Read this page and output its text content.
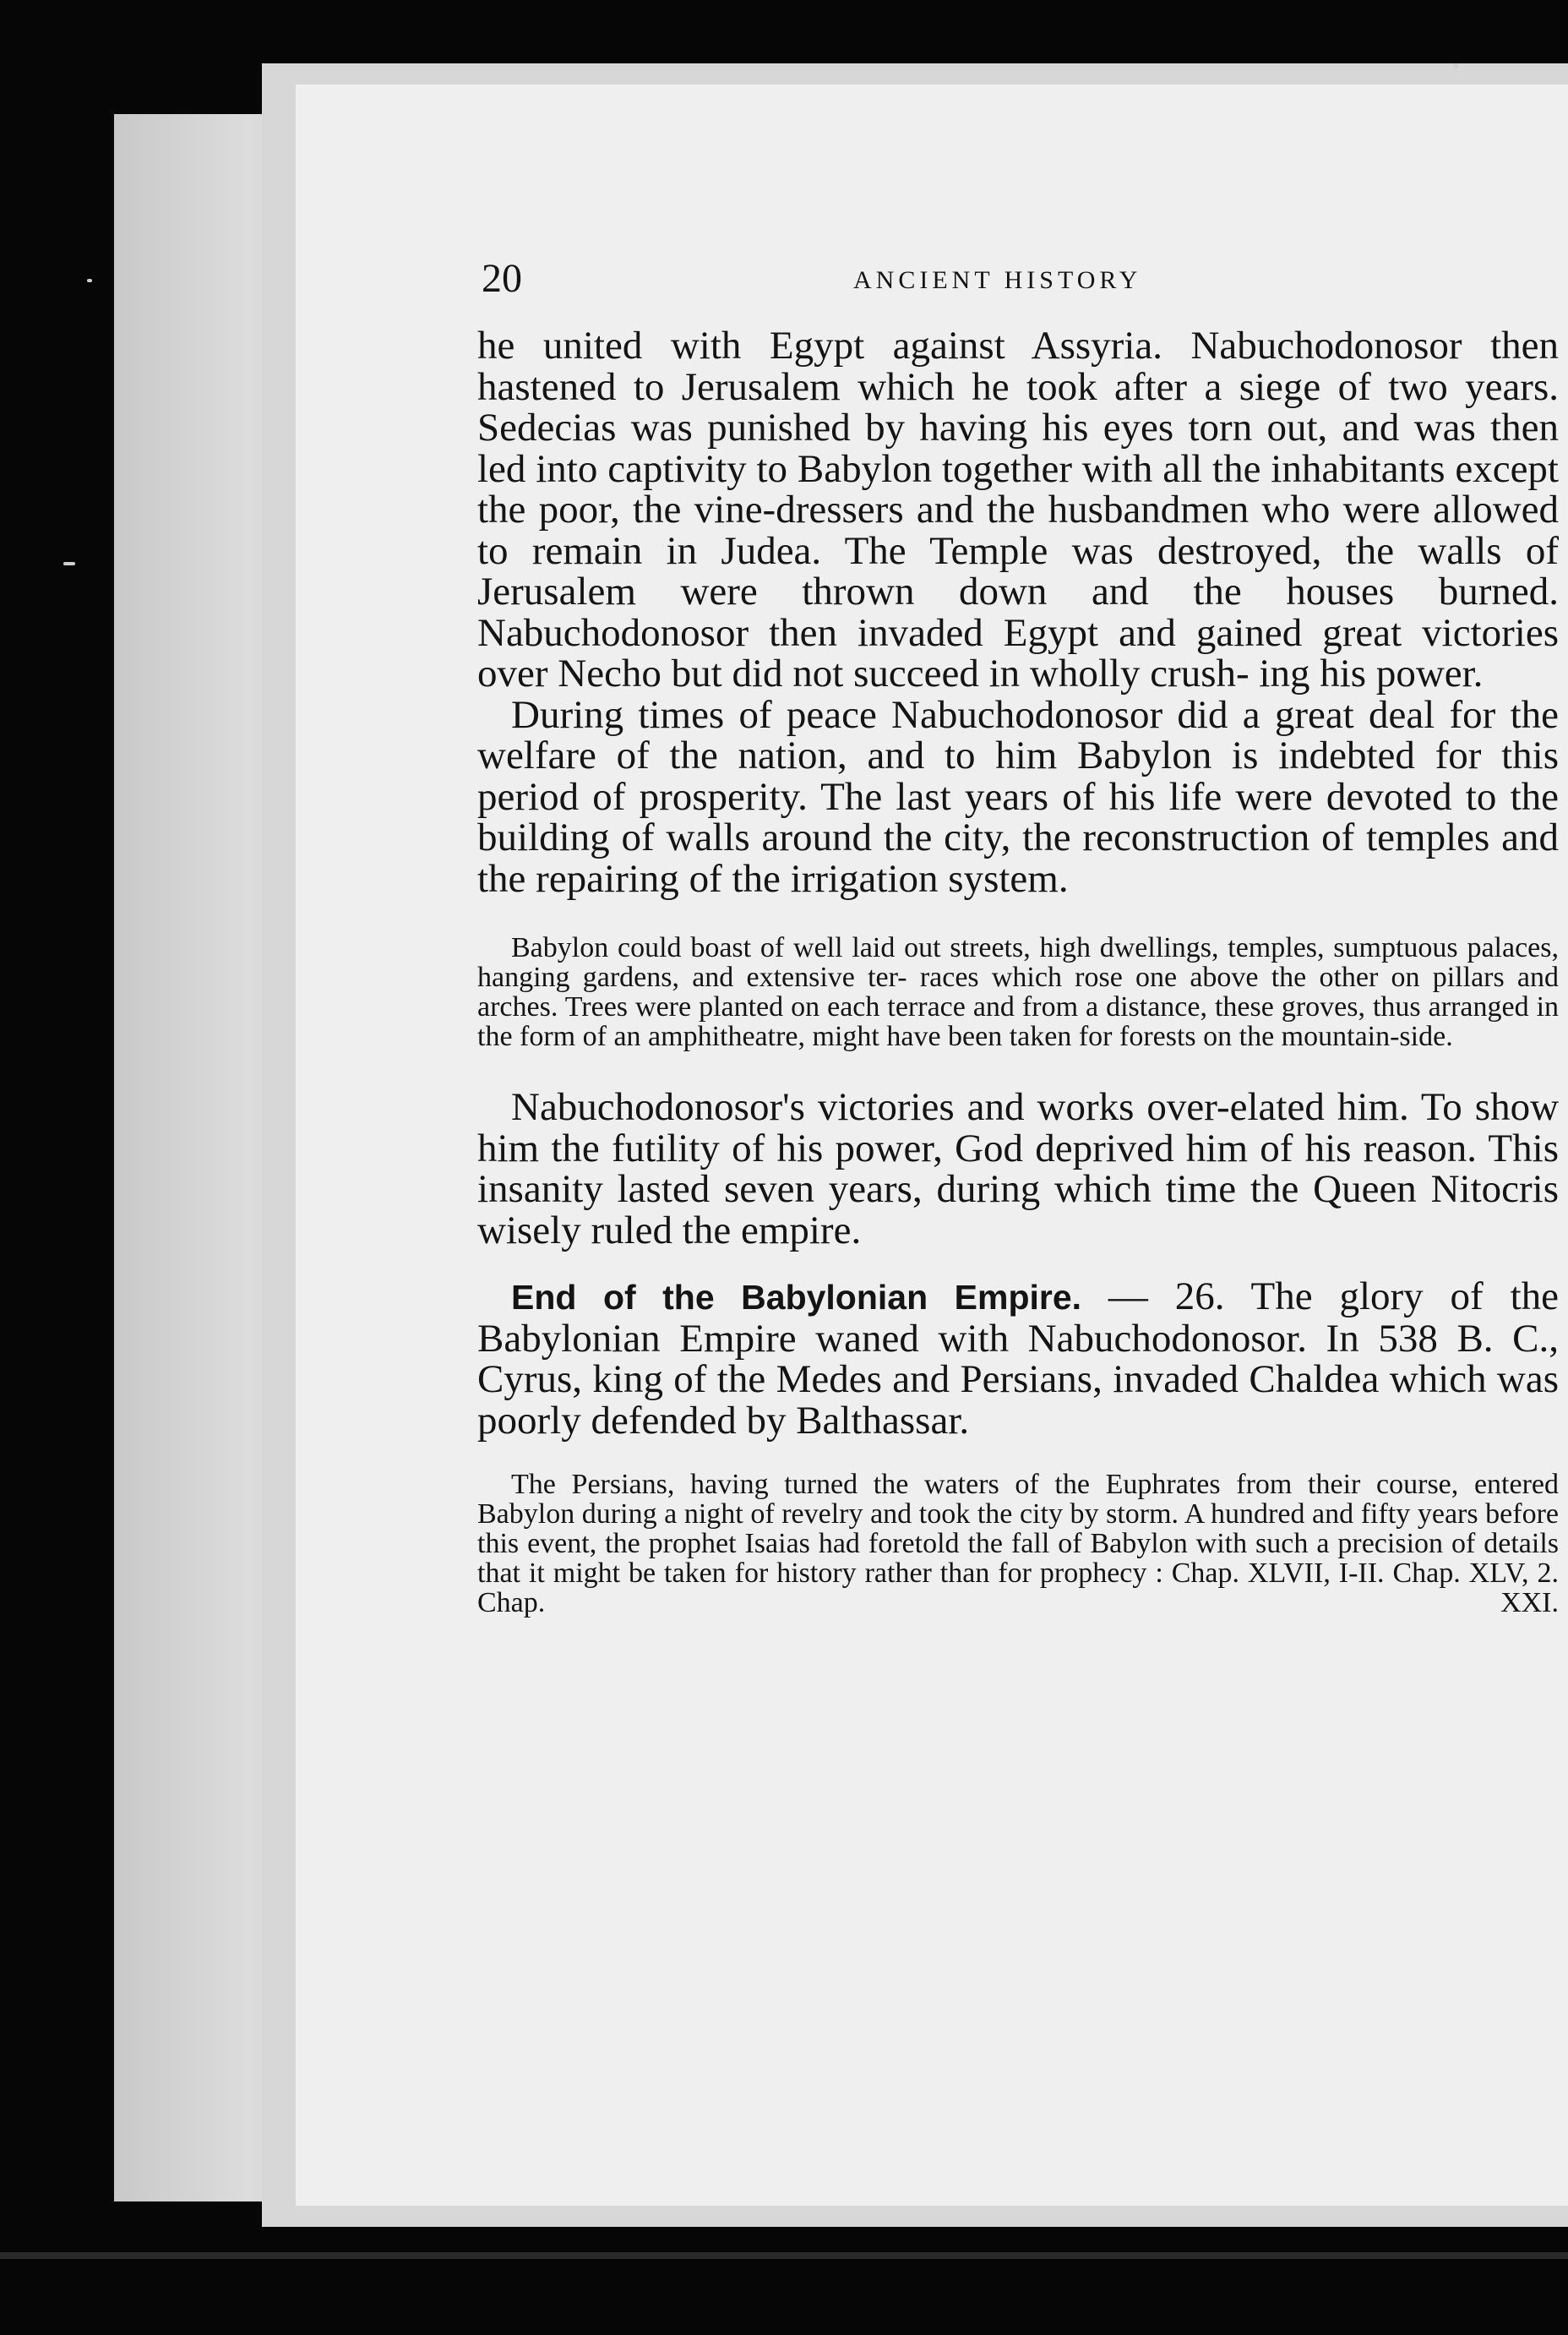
20	ANCIENT HISTORY

he united with Egypt against Assyria. Nabuchodonosor then hastened to Jerusalem which he took after a siege of two years. Sedecias was punished by having his eyes torn out, and was then led into captivity to Babylon together with all the inhabitants except the poor, the vine-dressers and the husbandmen who were allowed to remain in Judea. The Temple was destroyed, the walls of Jerusalem were thrown down and the houses burned. Nabuchodonosor then invaded Egypt and gained great victories over Necho but did not succeed in wholly crush- ing his power.

During times of peace Nabuchodonosor did a great deal for the welfare of the nation, and to him Babylon is indebted for this period of prosperity. The last years of his life were devoted to the building of walls around the city, the reconstruction of temples and the repairing of the irrigation system.

Babylon could boast of well laid out streets, high dwellings, temples, sumptuous palaces, hanging gardens, and extensive ter- races which rose one above the other on pillars and arches. Trees were planted on each terrace and from a distance, these groves, thus arranged in the form of an amphitheatre, might have been taken for forests on the mountain-side.

Nabuchodonosor's victories and works over-elated him. To show him the futility of his power, God deprived him of his reason. This insanity lasted seven years, during which time the Queen Nitocris wisely ruled the empire.

End of the Babylonian Empire. — 26. The glory of the Babylonian Empire waned with Nabuchodonosor. In 538 B. C., Cyrus, king of the Medes and Persians, invaded Chaldea which was poorly defended by Balthassar.

The Persians, having turned the waters of the Euphrates from their course, entered Babylon during a night of revelry and took the city by storm. A hundred and fifty years before this event, the prophet Isaias had foretold the fall of Babylon with such a precision of details that it might be taken for history rather than for prophecy : Chap. XLVII, I-II. Chap. XLV, 2. Chap. XXI.
